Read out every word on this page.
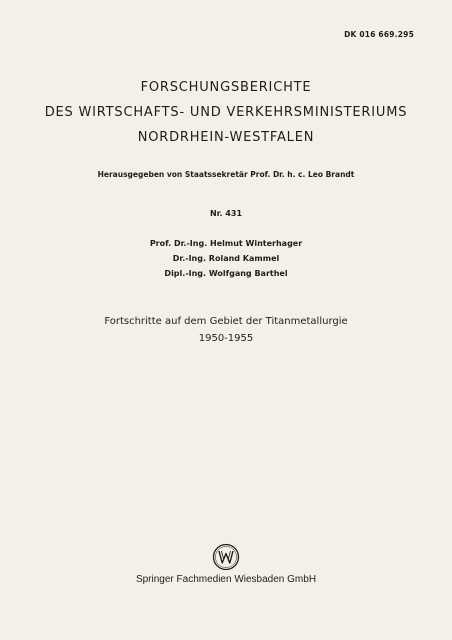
DK 016 669.295
FORSCHUNGSBERICHTE
DES WIRTSCHAFTS- UND VERKEHRSMINISTERIUMS
NORDRHEIN-WESTFALEN
Herausgegeben von Staatssekretär Prof. Dr. h. c. Leo Brandt
Nr. 431
Prof. Dr.-Ing. Helmut Winterhager
Dr.-Ing. Roland Kammel
Dipl.-Ing. Wolfgang Barthel
Fortschritte auf dem Gebiet der Titanmetallurgie
1950-1955
Springer Fachmedien Wiesbaden GmbH
